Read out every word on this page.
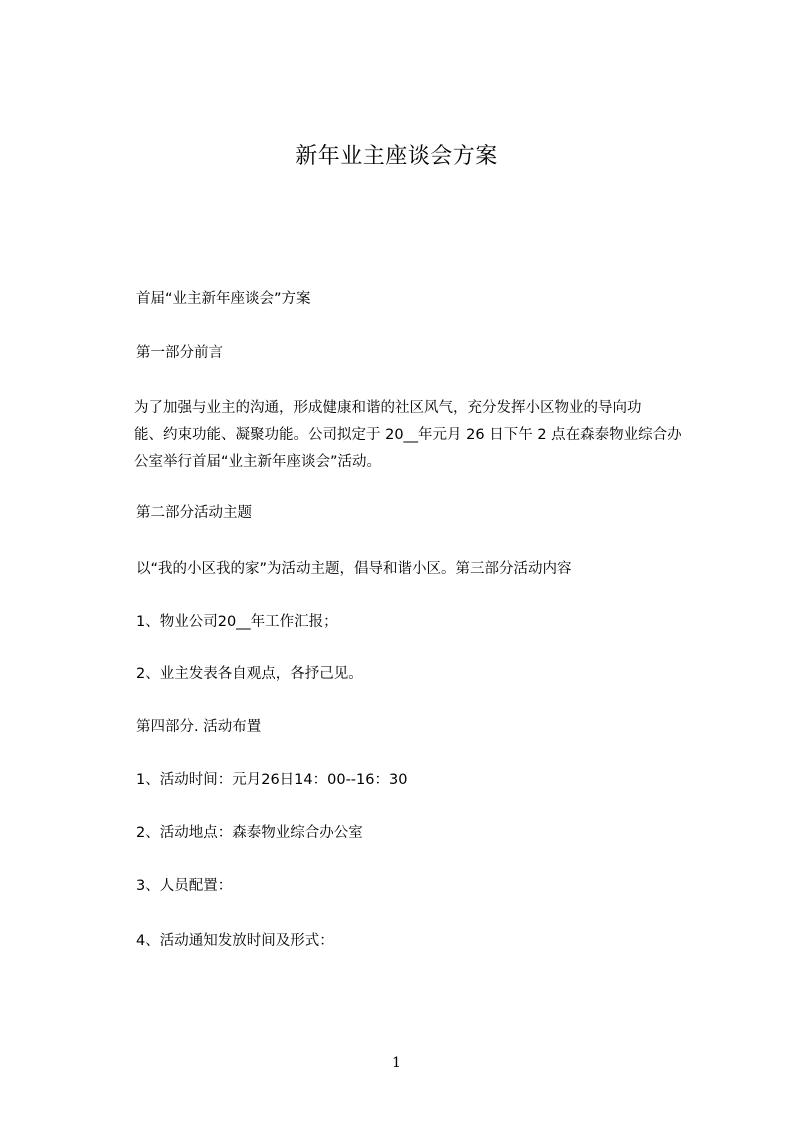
新年业主座谈会方案
首届“业主新年座谈会”方案
第一部分前言
为了加强与业主的沟通，形成健康和谐的社区风气，充分发挥小区物业的导向功
能、约束功能、凝聚功能。公司拟定于 20__年元月 26 日下午 2 点在森泰物业综合办
公室举行首届“业主新年座谈会”活动。
第二部分活动主题
以“我的小区我的家”为活动主题，倡导和谐小区。第三部分活动内容
1、物业公司20__年工作汇报；
2、业主发表各自观点，各抒己见。
第四部分. 活动布置
1、活动时间：元月26日14：00--16：30
2、活动地点：森泰物业综合办公室
3、人员配置：
4、活动通知发放时间及形式：
1
